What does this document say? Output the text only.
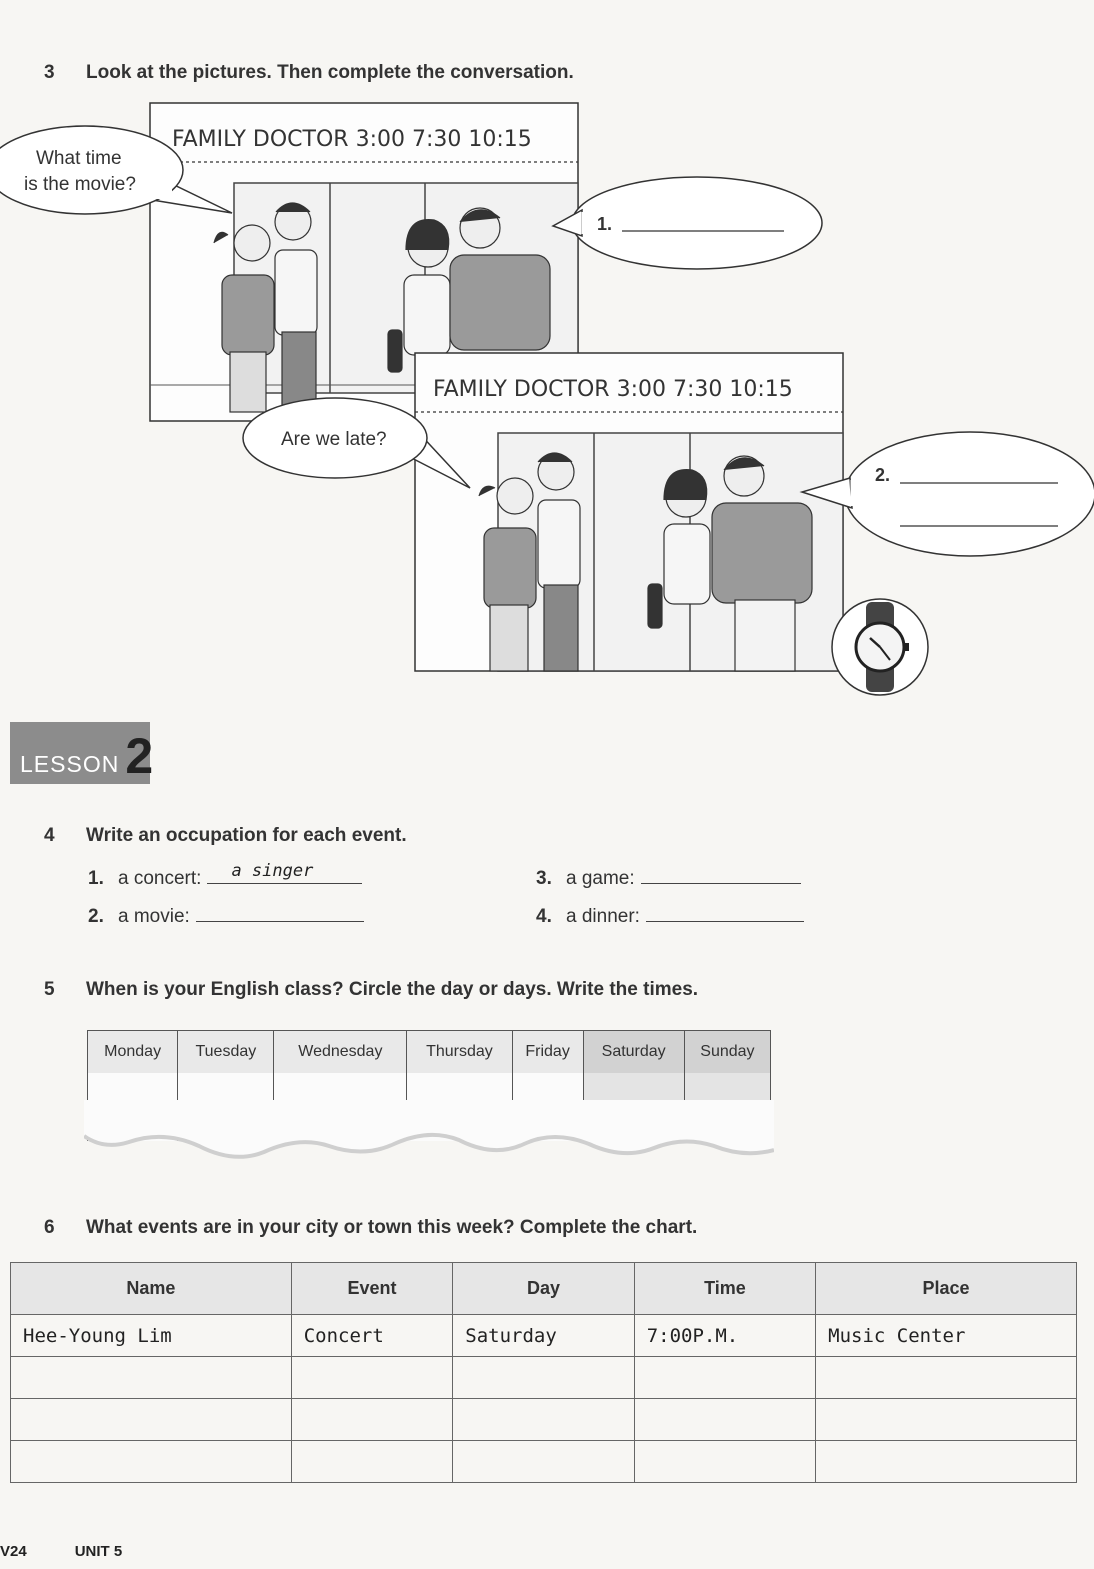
3 Look at the pictures. Then complete the conversation.
FAMILY DOCTOR 3:00 7:30 10:15
What time
is the movie?
1.
FAMILY DOCTOR 3:00 7:30 10:15
Are we late?
2.
LESSON 2
4 Write an occupation for each event.
1. a concert: a singer
2. a movie:
3. a game:
4. a dinner:
5 When is your English class? Circle the day or days. Write the times.
Monday	Tuesday	Wednesday	Thursday	Friday	Saturday	Sunday

6 What events are in your city or town this week? Complete the chart.
Name	Event	Day	Time	Place
Hee-Young Lim	Concert	Saturday	7:00P.M.	Music Center

V24	UNIT 5
